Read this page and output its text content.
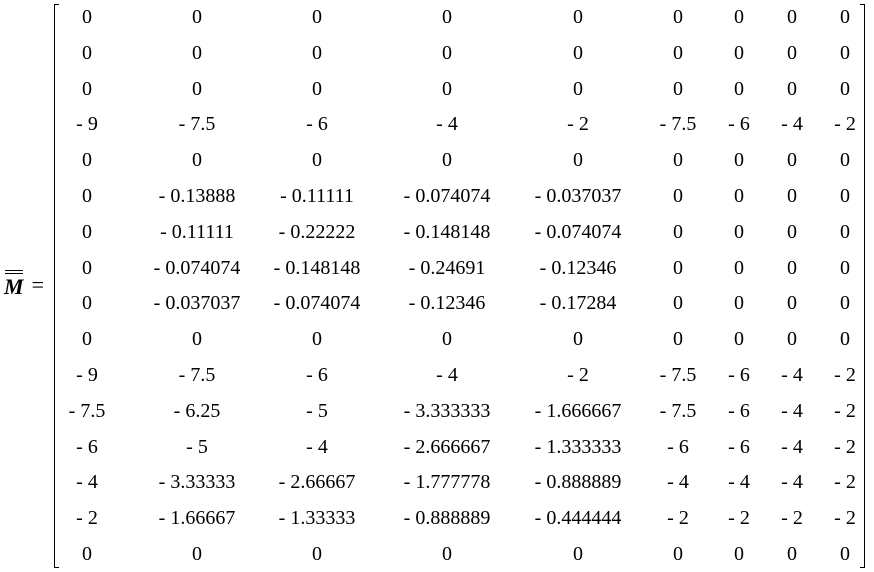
M =
0	0	0	0	0	0	0	0	0
0	0	0	0	0	0	0	0	0
0	0	0	0	0	0	0	0	0
- 9	- 7.5	- 6	- 4	- 2	- 7.5	- 6	- 4	- 2
0	0	0	0	0	0	0	0	0
0	- 0.13888	- 0.11111	- 0.074074	- 0.037037	0	0	0	0
0	- 0.11111	- 0.22222	- 0.148148	- 0.074074	0	0	0	0
0	- 0.074074	- 0.148148	- 0.24691	- 0.12346	0	0	0	0
0	- 0.037037	- 0.074074	- 0.12346	- 0.17284	0	0	0	0
0	0	0	0	0	0	0	0	0
- 9	- 7.5	- 6	- 4	- 2	- 7.5	- 6	- 4	- 2
- 7.5	- 6.25	- 5	- 3.333333	- 1.666667	- 7.5	- 6	- 4	- 2
- 6	- 5	- 4	- 2.666667	- 1.333333	- 6	- 6	- 4	- 2
- 4	- 3.33333	- 2.66667	- 1.777778	- 0.888889	- 4	- 4	- 4	- 2
- 2	- 1.66667	- 1.33333	- 0.888889	- 0.444444	- 2	- 2	- 2	- 2
0	0	0	0	0	0	0	0	0
